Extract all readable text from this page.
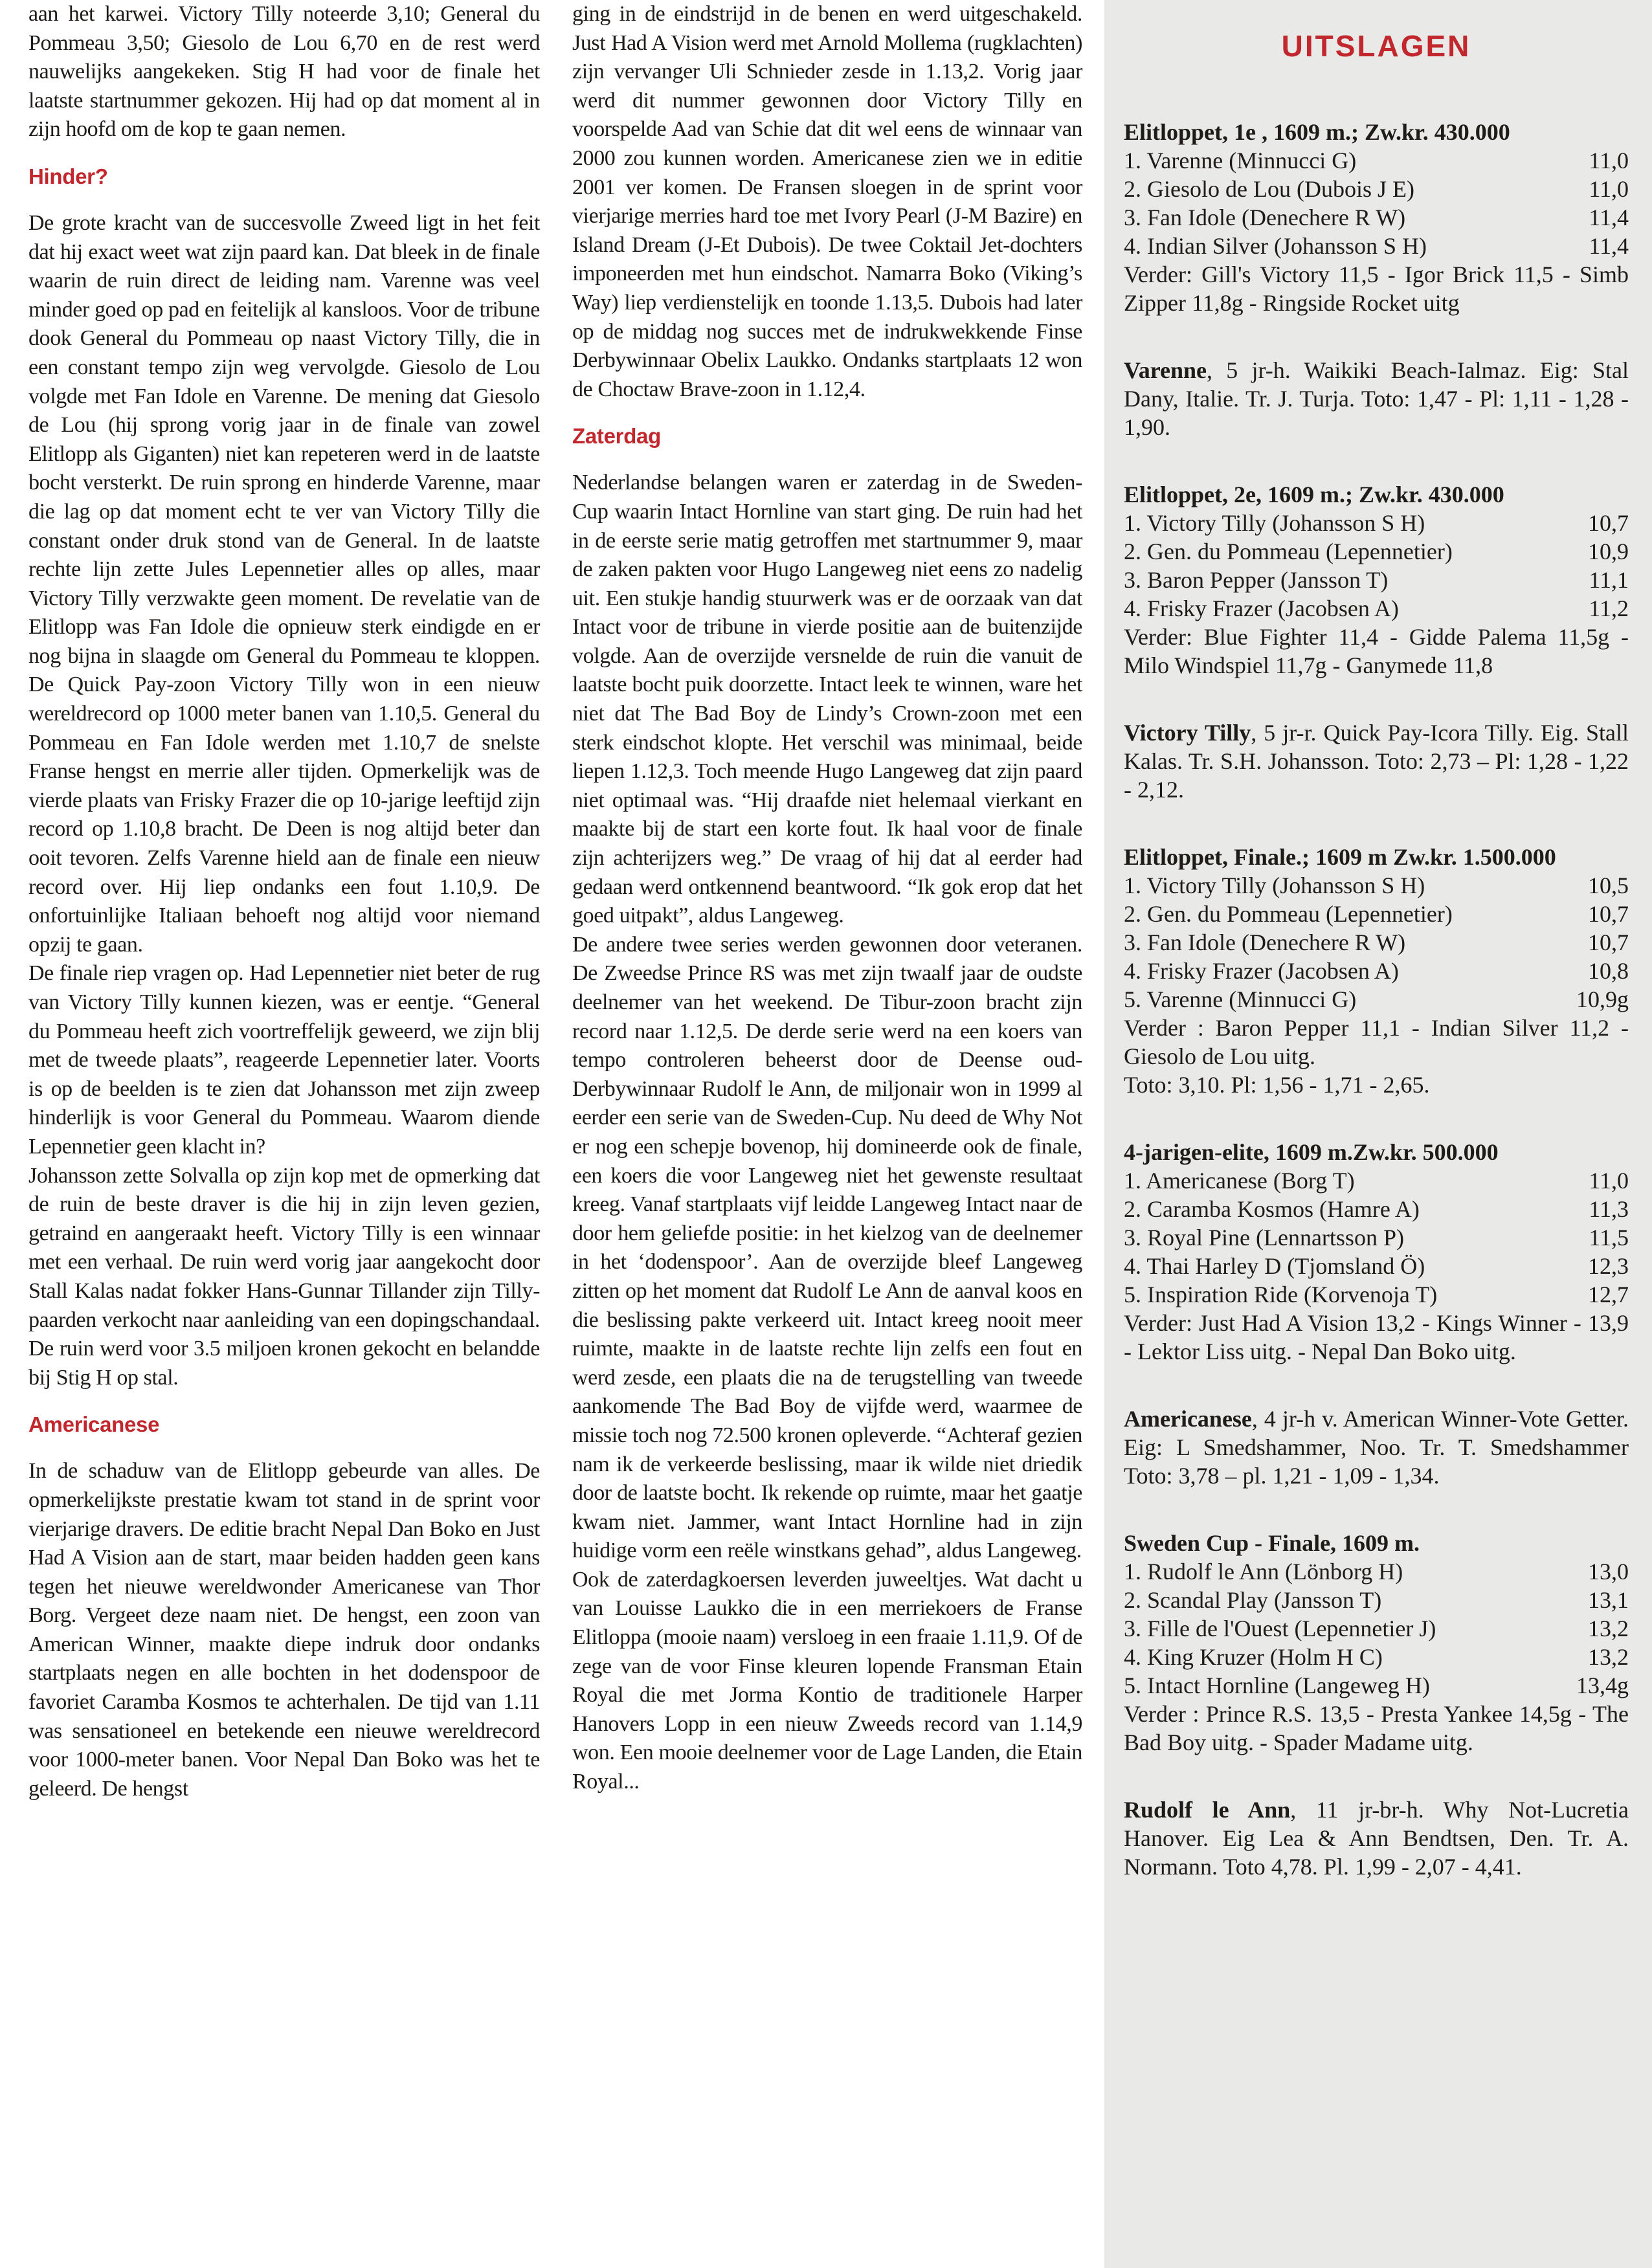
aan het karwei. Victory Tilly noteerde 3,10; General du Pommeau 3,50; Giesolo de Lou 6,70 en de rest werd nauwelijks aangekeken. Stig H had voor de finale het laatste startnummer gekozen. Hij had op dat moment al in zijn hoofd om de kop te gaan nemen.

Hinder?

De grote kracht van de succesvolle Zweed ligt in het feit dat hij exact weet wat zijn paard kan. Dat bleek in de finale waarin de ruin direct de leiding nam. Varenne was veel minder goed op pad en feitelijk al kansloos. Voor de tribune dook General du Pommeau op naast Victory Tilly, die in een constant tempo zijn weg vervolgde. Giesolo de Lou volgde met Fan Idole en Varenne. De mening dat Giesolo de Lou (hij sprong vorig jaar in de finale van zowel Elitlopp als Giganten) niet kan repeteren werd in de laatste bocht versterkt. De ruin sprong en hinderde Varenne, maar die lag op dat moment echt te ver van Victory Tilly die constant onder druk stond van de General. In de laatste rechte lijn zette Jules Lepennetier alles op alles, maar Victory Tilly verzwakte geen moment. De revelatie van de Elitlopp was Fan Idole die opnieuw sterk eindigde en er nog bijna in slaagde om General du Pommeau te kloppen. De Quick Pay-zoon Victory Tilly won in een nieuw wereldrecord op 1000 meter banen van 1.10,5. General du Pommeau en Fan Idole werden met 1.10,7 de snelste Franse hengst en merrie aller tijden. Opmerkelijk was de vierde plaats van Frisky Frazer die op 10-jarige leeftijd zijn record op 1.10,8 bracht. De Deen is nog altijd beter dan ooit tevoren. Zelfs Varenne hield aan de finale een nieuw record over. Hij liep ondanks een fout 1.10,9. De onfortuinlijke Italiaan behoeft nog altijd voor niemand opzij te gaan.

De finale riep vragen op. Had Lepennetier niet beter de rug van Victory Tilly kunnen kiezen, was er eentje. “General du Pommeau heeft zich voortreffelijk geweerd, we zijn blij met de tweede plaats”, reageerde Lepennetier later. Voorts is op de beelden is te zien dat Johansson met zijn zweep hinderlijk is voor General du Pommeau. Waarom diende Lepennetier geen klacht in?

Johansson zette Solvalla op zijn kop met de opmerking dat de ruin de beste draver is die hij in zijn leven gezien, getraind en aangeraakt heeft. Victory Tilly is een winnaar met een verhaal. De ruin werd vorig jaar aangekocht door Stall Kalas nadat fokker Hans-Gunnar Tillander zijn Tilly-paarden verkocht naar aanleiding van een dopingschandaal. De ruin werd voor 3.5 miljoen kronen gekocht en belandde bij Stig H op stal.

Americanese

In de schaduw van de Elitlopp gebeurde van alles. De opmerkelijkste prestatie kwam tot stand in de sprint voor vierjarige dravers. De editie bracht Nepal Dan Boko en Just Had A Vision aan de start, maar beiden hadden geen kans tegen het nieuwe wereldwonder Americanese van Thor Borg. Vergeet deze naam niet. De hengst, een zoon van American Winner, maakte diepe indruk door ondanks startplaats negen en alle bochten in het dodenspoor de favoriet Caramba Kosmos te achterhalen. De tijd van 1.11 was sensationeel en betekende een nieuwe wereldrecord voor 1000-meter banen. Voor Nepal Dan Boko was het te geleerd. De hengst

ging in de eindstrijd in de benen en werd uitgeschakeld. Just Had A Vision werd met Arnold Mollema (rugklachten) zijn vervanger Uli Schnieder zesde in 1.13,2. Vorig jaar werd dit nummer gewonnen door Victory Tilly en voorspelde Aad van Schie dat dit wel eens de winnaar van 2000 zou kunnen worden. Americanese zien we in editie 2001 ver komen. De Fransen sloegen in de sprint voor vierjarige merries hard toe met Ivory Pearl (J-M Bazire) en Island Dream (J-Et Dubois). De twee Coktail Jet-dochters imponeerden met hun eindschot. Namarra Boko (Viking’s Way) liep verdienstelijk en toonde 1.13,5. Dubois had later op de middag nog succes met de indrukwekkende Finse Derbywinnaar Obelix Laukko. Ondanks startplaats 12 won de Choctaw Brave-zoon in 1.12,4.

Zaterdag

Nederlandse belangen waren er zaterdag in de Sweden-Cup waarin Intact Hornline van start ging. De ruin had het in de eerste serie matig getroffen met startnummer 9, maar de zaken pakten voor Hugo Langeweg niet eens zo nadelig uit. Een stukje handig stuurwerk was er de oorzaak van dat Intact voor de tribune in vierde positie aan de buitenzijde volgde. Aan de overzijde versnelde de ruin die vanuit de laatste bocht puik doorzette. Intact leek te winnen, ware het niet dat The Bad Boy de Lindy’s Crown-zoon met een sterk eindschot klopte. Het verschil was minimaal, beide liepen 1.12,3. Toch meende Hugo Langeweg dat zijn paard niet optimaal was. “Hij draafde niet helemaal vierkant en maakte bij de start een korte fout. Ik haal voor de finale zijn achterijzers weg.” De vraag of hij dat al eerder had gedaan werd ontkennend beantwoord. “Ik gok erop dat het goed uitpakt”, aldus Langeweg.

De andere twee series werden gewonnen door veteranen. De Zweedse Prince RS was met zijn twaalf jaar de oudste deelnemer van het weekend. De Tibur-zoon bracht zijn record naar 1.12,5. De derde serie werd na een koers van tempo controleren beheerst door de Deense oud-Derbywinnaar Rudolf le Ann, de miljonair won in 1999 al eerder een serie van de Sweden-Cup. Nu deed de Why Not er nog een schepje bovenop, hij domineerde ook de finale, een koers die voor Langeweg niet het gewenste resultaat kreeg. Vanaf startplaats vijf leidde Langeweg Intact naar de door hem geliefde positie: in het kielzog van de deelnemer in het ‘dodenspoor’. Aan de overzijde bleef Langeweg zitten op het moment dat Rudolf Le Ann de aanval koos en die beslissing pakte verkeerd uit. Intact kreeg nooit meer ruimte, maakte in de laatste rechte lijn zelfs een fout en werd zesde, een plaats die na de terugstelling van tweede aankomende The Bad Boy de vijfde werd, waarmee de missie toch nog 72.500 kronen opleverde. “Achteraf gezien nam ik de verkeerde beslissing, maar ik wilde niet driedik door de laatste bocht. Ik rekende op ruimte, maar het gaatje kwam niet. Jammer, want Intact Hornline had in zijn huidige vorm een reële winstkans gehad”, aldus Langeweg.

Ook de zaterdagkoersen leverden juweeltjes. Wat dacht u van Louisse Laukko die in een merriekoers de Franse Elitloppa (mooie naam) versloeg in een fraaie 1.11,9. Of de zege van de voor Finse kleuren lopende Fransman Etain Royal die met Jorma Kontio de traditionele Harper Hanovers Lopp in een nieuw Zweeds record van 1.14,9 won. Een mooie deelnemer voor de Lage Landen, die Etain Royal...

UITSLAGEN
Elitloppet, 1e , 1609 m.; Zw.kr. 430.000
1. Varenne (Minnucci G)	11,0
2. Giesolo de Lou (Dubois J E)	11,0
3. Fan Idole (Denechere R W)	11,4
4. Indian Silver (Johansson S H)	11,4
Verder: Gill's Victory 11,5 - Igor Brick 11,5 - Simb Zipper 11,8g - Ringside Rocket uitg
Varenne, 5 jr-h. Waikiki Beach-Ialmaz. Eig: Stal Dany, Italie. Tr. J. Turja. Toto: 1,47 - Pl: 1,11 - 1,28 - 1,90.
Elitloppet, 2e, 1609 m.; Zw.kr. 430.000
1. Victory Tilly (Johansson S H)	10,7
2. Gen. du Pommeau (Lepennetier)	10,9
3. Baron Pepper (Jansson T)	11,1
4. Frisky Frazer (Jacobsen A)	11,2
Verder: Blue Fighter 11,4 - Gidde Palema 11,5g - Milo Windspiel 11,7g - Ganymede 11,8
Victory Tilly, 5 jr-r. Quick Pay-Icora Tilly. Eig. Stall Kalas. Tr. S.H. Johansson. Toto: 2,73 – Pl: 1,28 - 1,22 - 2,12.
Elitloppet, Finale.; 1609 m Zw.kr. 1.500.000
1. Victory Tilly (Johansson S H)	10,5
2. Gen. du Pommeau (Lepennetier)	10,7
3. Fan Idole (Denechere R W)	10,7
4. Frisky Frazer (Jacobsen A)	10,8
5. Varenne (Minnucci G)	10,9g
Verder : Baron Pepper 11,1 - Indian Silver 11,2 - Giesolo de Lou uitg.
Toto: 3,10. Pl: 1,56 - 1,71 - 2,65.
4-jarigen-elite, 1609 m.Zw.kr. 500.000
1. Americanese (Borg T)	11,0
2. Caramba Kosmos (Hamre A)	11,3
3. Royal Pine (Lennartsson P)	11,5
4. Thai Harley D (Tjomsland Ö)	12,3
5. Inspiration Ride (Korvenoja T)	12,7
Verder: Just Had A Vision 13,2 - Kings Winner - 13,9 - Lektor Liss uitg. - Nepal Dan Boko uitg.
Americanese, 4 jr-h v. American Winner-Vote Getter. Eig: L Smedshammer, Noo. Tr. T. Smedshammer Toto: 3,78 – pl. 1,21 - 1,09 - 1,34.
Sweden Cup - Finale, 1609 m.
1. Rudolf le Ann (Lönborg H)	13,0
2. Scandal Play (Jansson T)	13,1
3. Fille de l'Ouest (Lepennetier J)	13,2
4. King Kruzer (Holm H C)	13,2
5. Intact Hornline (Langeweg H)	13,4g
Verder : Prince R.S. 13,5 - Presta Yankee 14,5g - The Bad Boy uitg. - Spader Madame uitg.
Rudolf le Ann, 11 jr-br-h. Why Not-Lucretia Hanover. Eig Lea & Ann Bendtsen, Den. Tr. A. Normann. Toto 4,78. Pl. 1,99 - 2,07 - 4,41.
